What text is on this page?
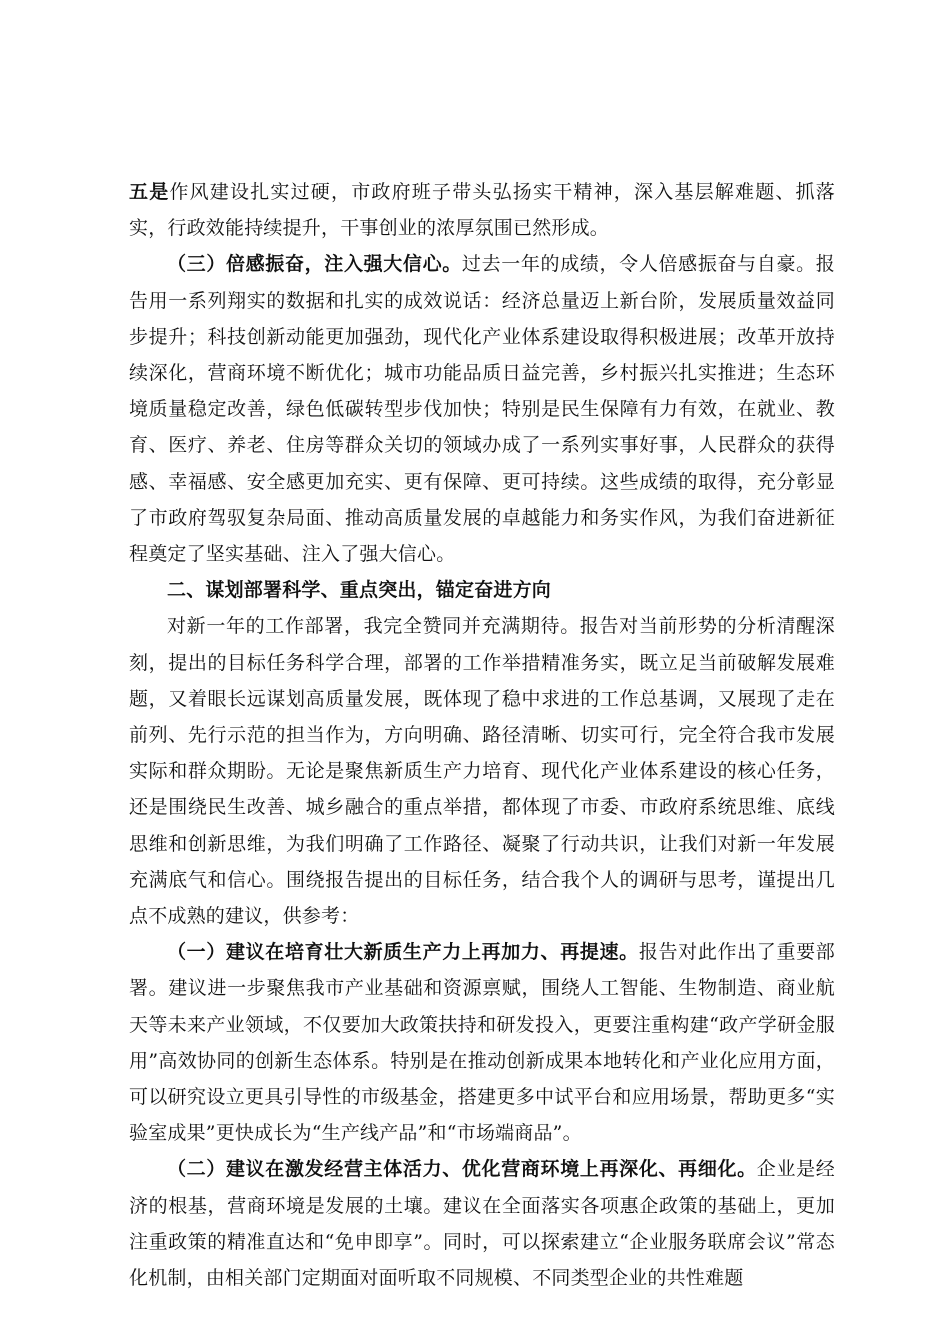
五是作风建设扎实过硬，市政府班子带头弘扬实干精神，深入基层解难题、抓落实，行政效能持续提升，干事创业的浓厚氛围已然形成。

（三）倍感振奋，注入强大信心。过去一年的成绩，令人倍感振奋与自豪。报告用一系列翔实的数据和扎实的成效说话：经济总量迈上新台阶，发展质量效益同步提升；科技创新动能更加强劲，现代化产业体系建设取得积极进展；改革开放持续深化，营商环境不断优化；城市功能品质日益完善，乡村振兴扎实推进；生态环境质量稳定改善，绿色低碳转型步伐加快；特别是民生保障有力有效，在就业、教育、医疗、养老、住房等群众关切的领域办成了一系列实事好事，人民群众的获得感、幸福感、安全感更加充实、更有保障、更可持续。这些成绩的取得，充分彰显了市政府驾驭复杂局面、推动高质量发展的卓越能力和务实作风，为我们奋进新征程奠定了坚实基础、注入了强大信心。

二、谋划部署科学、重点突出，锚定奋进方向

对新一年的工作部署，我完全赞同并充满期待。报告对当前形势的分析清醒深刻，提出的目标任务科学合理，部署的工作举措精准务实，既立足当前破解发展难题，又着眼长远谋划高质量发展，既体现了稳中求进的工作总基调，又展现了走在前列、先行示范的担当作为，方向明确、路径清晰、切实可行，完全符合我市发展实际和群众期盼。无论是聚焦新质生产力培育、现代化产业体系建设的核心任务，还是围绕民生改善、城乡融合的重点举措，都体现了市委、市政府系统思维、底线思维和创新思维，为我们明确了工作路径、凝聚了行动共识，让我们对新一年发展充满底气和信心。围绕报告提出的目标任务，结合我个人的调研与思考，谨提出几点不成熟的建议，供参考：

（一）建议在培育壮大新质生产力上再加力、再提速。报告对此作出了重要部署。建议进一步聚焦我市产业基础和资源禀赋，围绕人工智能、生物制造、商业航天等未来产业领域，不仅要加大政策扶持和研发投入，更要注重构建“政产学研金服用”高效协同的创新生态体系。特别是在推动创新成果本地转化和产业化应用方面，可以研究设立更具引导性的市级基金，搭建更多中试平台和应用场景，帮助更多“实验室成果”更快成长为“生产线产品”和“市场端商品”。

（二）建议在激发经营主体活力、优化营商环境上再深化、再细化。企业是经济的根基，营商环境是发展的土壤。建议在全面落实各项惠企政策的基础上，更加注重政策的精准直达和“免申即享”。同时，可以探索建立“企业服务联席会议”常态化机制，由相关部门定期面对面听取不同规模、不同类型企业的共性难题
